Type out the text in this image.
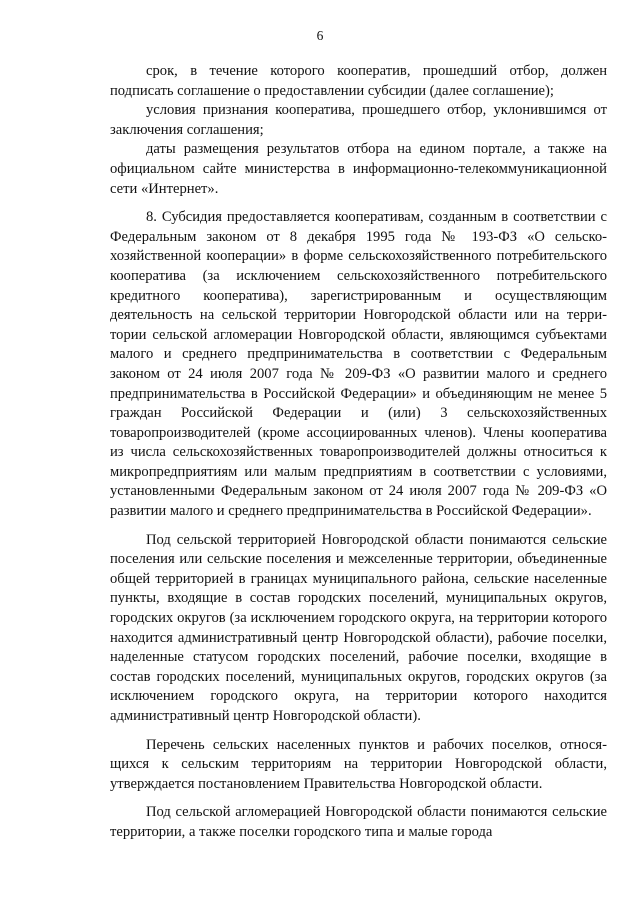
6

срок, в течение которого кооператив, прошедший отбор, должен подписать соглашение о предоставлении субсидии (далее соглашение);

условия признания кооператива, прошедшего отбор, уклонившимся от заключения соглашения;

даты размещения результатов отбора на едином портале, а также на официальном сайте министерства в информационно-телекоммуникационной сети «Интернет».

8. Субсидия предоставляется кооперативам, созданным в соответствии с Федеральным законом от 8 декабря 1995 года № 193-ФЗ «О сельскохозяйственной кооперации» в форме сельскохозяйственного потребительского кооператива (за исключением сельскохозяйственного потребительского кредитного кооператива), зарегистрированным и осуществляющим деятельность на сельской территории Новгородской области или на территории сельской агломерации Новгородской области, являющимся субъектами малого и среднего предпринимательства в соответствии с Федеральным законом от 24 июля 2007 года № 209-ФЗ «О развитии малого и среднего предпринимательства в Российской Федерации» и объединяющим не менее 5 граждан Российской Федерации и (или) 3 сельскохозяйственных товаропроизводителей (кроме ассоциированных членов). Члены кооператива из числа сельскохозяйственных товаропроизводителей должны относиться к микропредприятиям или малым предприятиям в соответствии с условиями, установленными Федеральным законом от 24 июля 2007 года № 209-ФЗ «О развитии малого и среднего предпринимательства в Российской Федерации».

Под сельской территорией Новгородской области понимаются сельские поселения или сельские поселения и межселенные территории, объединенные общей территорией в границах муниципального района, сельские населенные пункты, входящие в состав городских поселений, муниципальных округов, городских округов (за исключением городского округа, на территории которого находится административный центр Новгородской области), рабочие поселки, наделенные статусом городских поселений, рабочие поселки, входящие в состав городских поселений, муниципальных округов, городских округов (за исключением городского округа, на территории которого находится административный центр Новгородской области).

Перечень сельских населенных пунктов и рабочих поселков, относящихся к сельским территориям на территории Новгородской области, утверждается постановлением Правительства Новгородской области.

Под сельской агломерацией Новгородской области понимаются сельские территории, а также поселки городского типа и малые города
